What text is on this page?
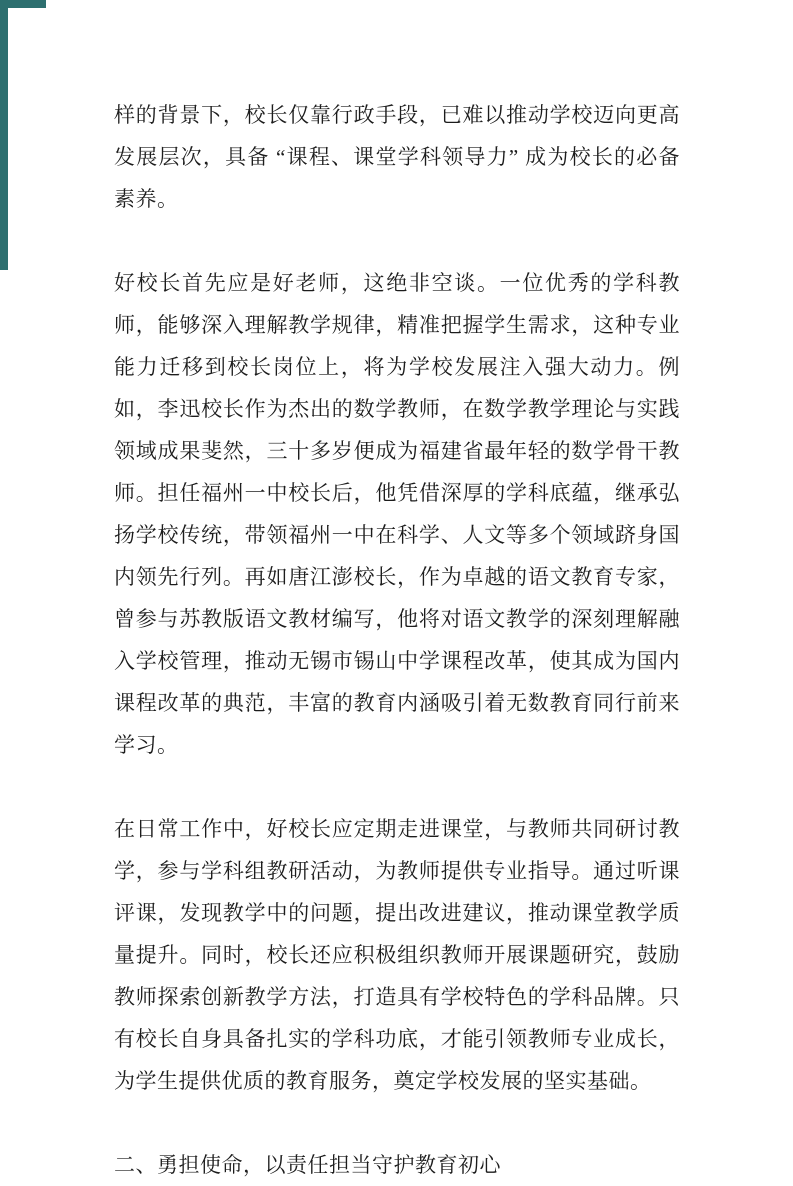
样的背景下，校长仅靠行政手段，已难以推动学校迈向更高发展层次，具备 “课程、课堂学科领导力” 成为校长的必备素养。

好校长首先应是好老师，这绝非空谈。一位优秀的学科教师，能够深入理解教学规律，精准把握学生需求，这种专业能力迁移到校长岗位上，将为学校发展注入强大动力。例如，李迅校长作为杰出的数学教师，在数学教学理论与实践领域成果斐然，三十多岁便成为福建省最年轻的数学骨干教师。担任福州一中校长后，他凭借深厚的学科底蕴，继承弘扬学校传统，带领福州一中在科学、人文等多个领域跻身国内领先行列。再如唐江澎校长，作为卓越的语文教育专家，曾参与苏教版语文教材编写，他将对语文教学的深刻理解融入学校管理，推动无锡市锡山中学课程改革，使其成为国内课程改革的典范，丰富的教育内涵吸引着无数教育同行前来学习。

在日常工作中，好校长应定期走进课堂，与教师共同研讨教学，参与学科组教研活动，为教师提供专业指导。通过听课评课，发现教学中的问题，提出改进建议，推动课堂教学质量提升。同时，校长还应积极组织教师开展课题研究，鼓励教师探索创新教学方法，打造具有学校特色的学科品牌。只有校长自身具备扎实的学科功底，才能引领教师专业成长，为学生提供优质的教育服务，奠定学校发展的坚实基础。

二、勇担使命，以责任担当守护教育初心
